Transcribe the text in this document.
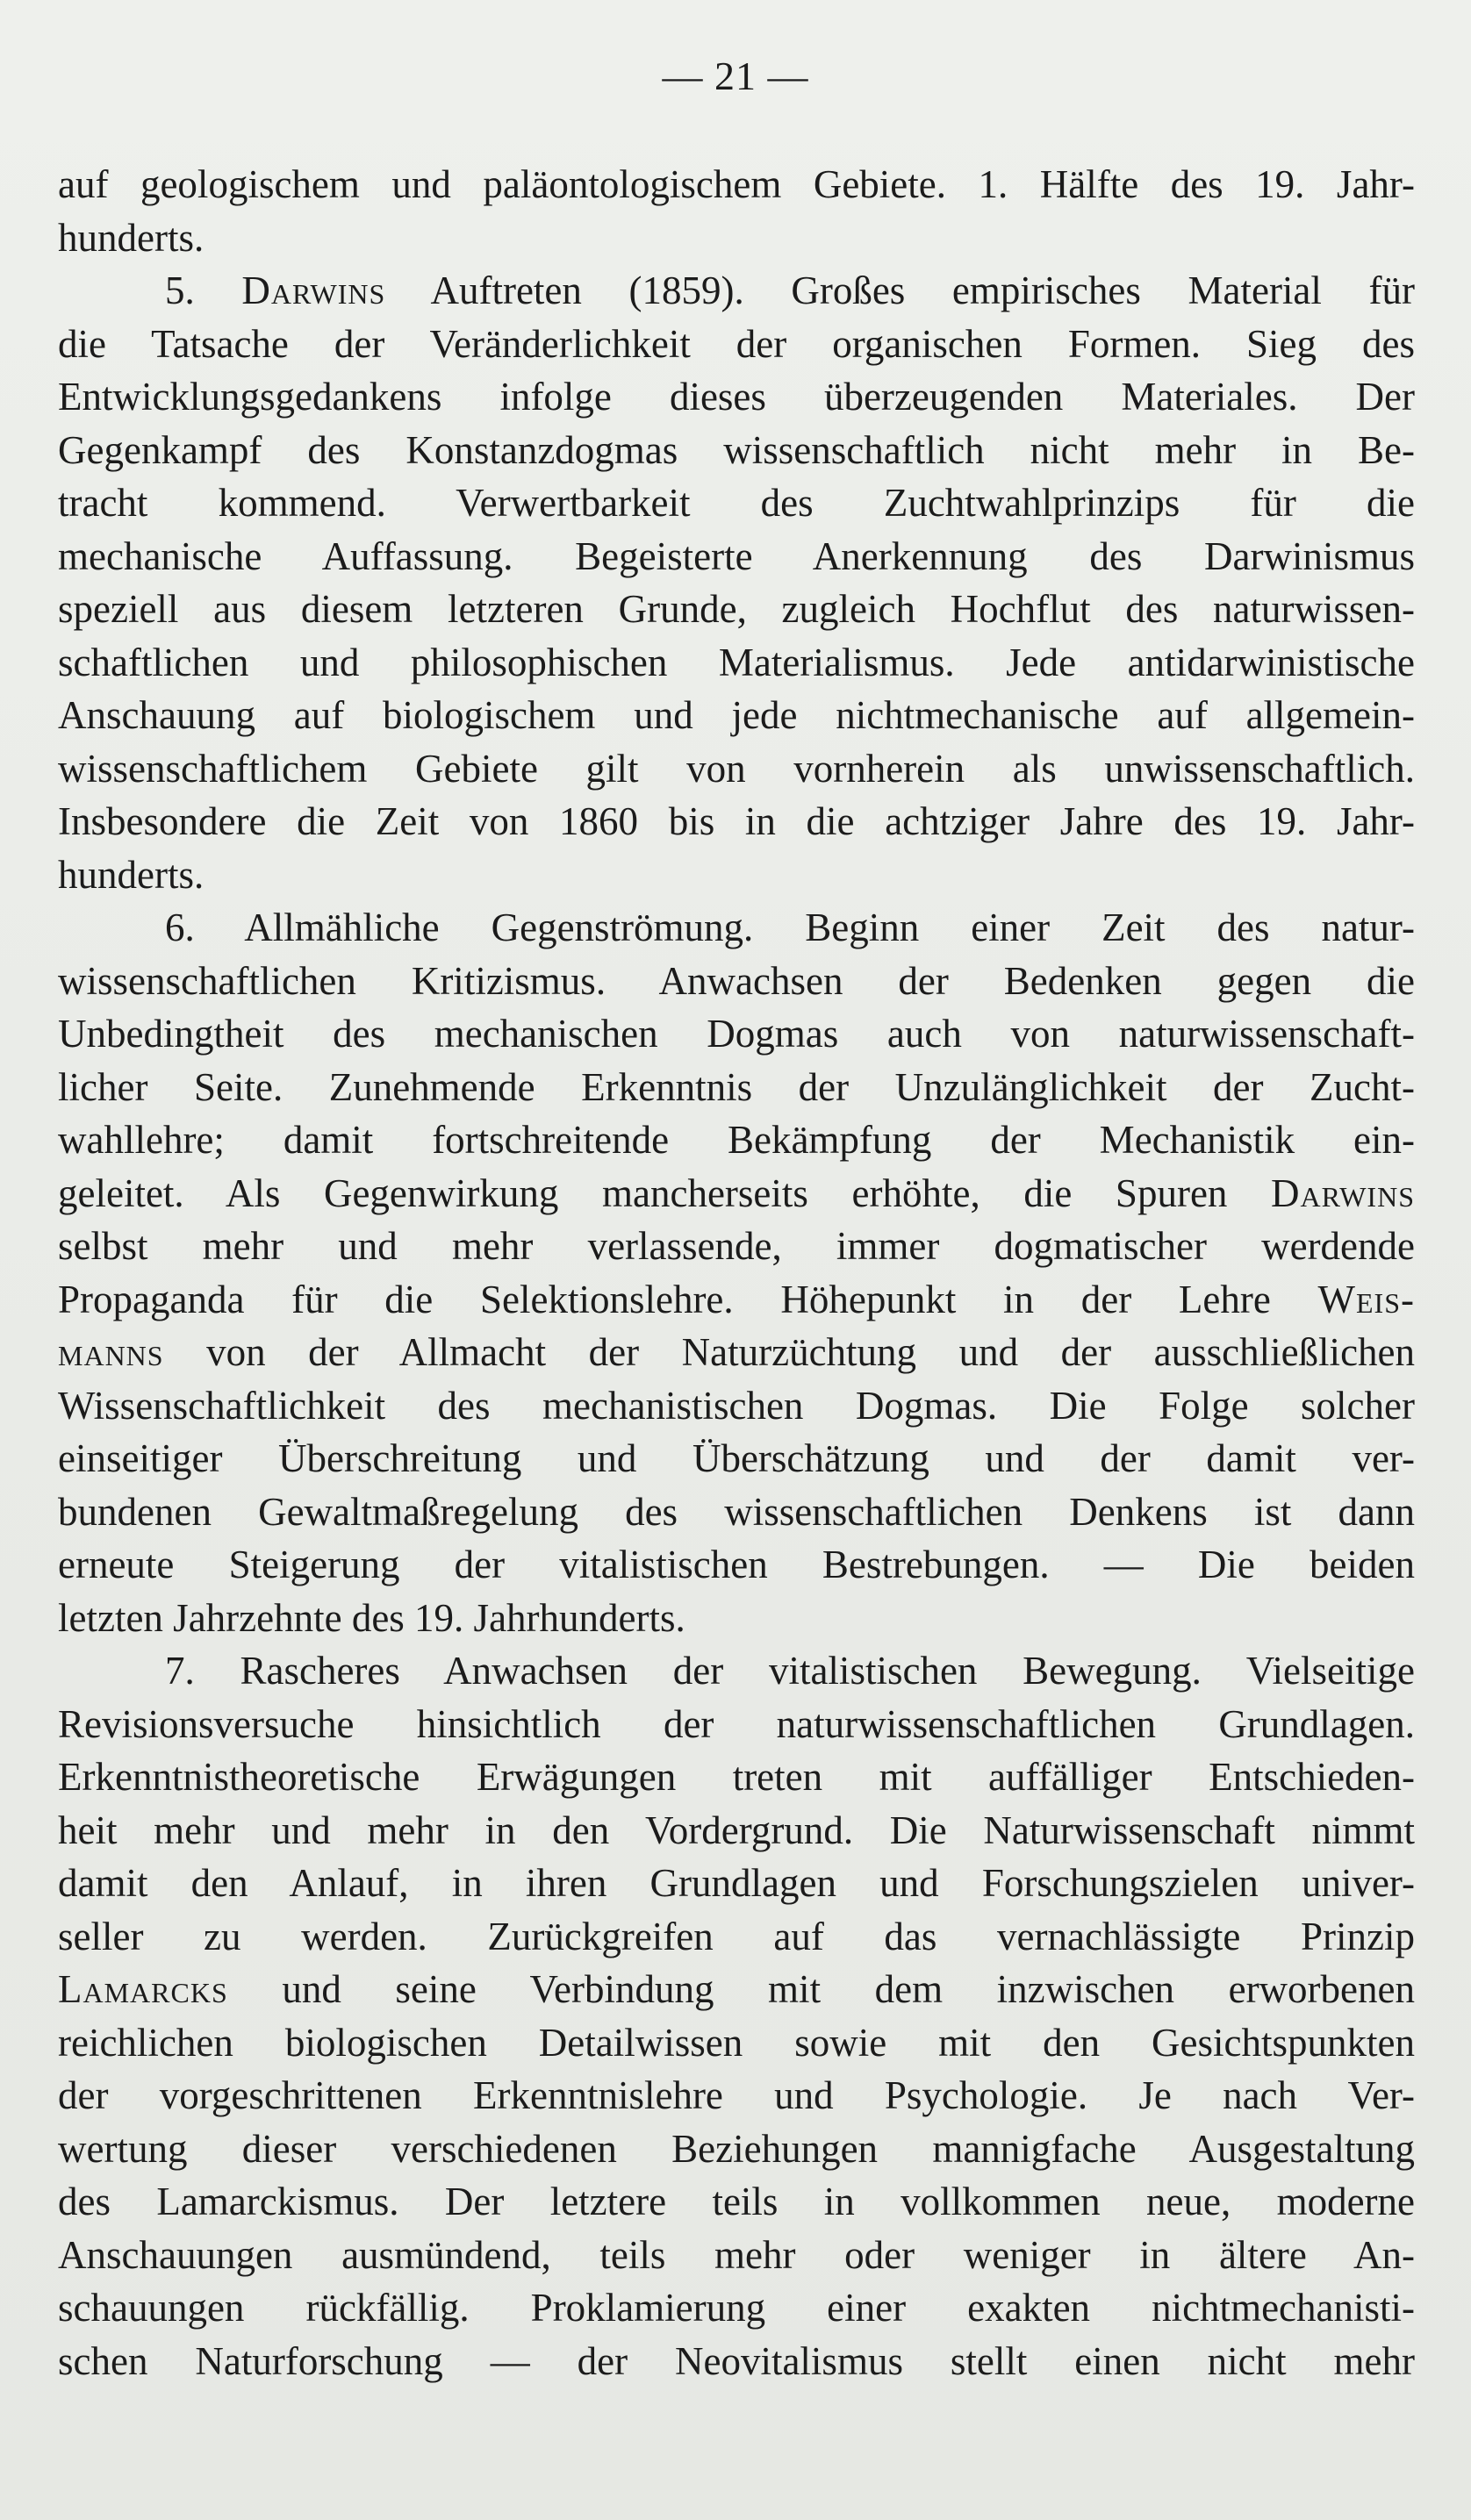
— 21 —
auf geologischem und paläontologischem Gebiete. 1. Hälfte des 19. Jahr-
hunderts.
5. Darwins Auftreten (1859). Großes empirisches Material für
die Tatsache der Veränderlichkeit der organischen Formen. Sieg des
Entwicklungsgedankens infolge dieses überzeugenden Materiales. Der
Gegenkampf des Konstanzdogmas wissenschaftlich nicht mehr in Be-
tracht kommend. Verwertbarkeit des Zuchtwahlprinzips für die
mechanische Auffassung. Begeisterte Anerkennung des Darwinismus
speziell aus diesem letzteren Grunde, zugleich Hochflut des naturwissen-
schaftlichen und philosophischen Materialismus. Jede antidarwinistische
Anschauung auf biologischem und jede nichtmechanische auf allgemein-
wissenschaftlichem Gebiete gilt von vornherein als unwissenschaftlich.
Insbesondere die Zeit von 1860 bis in die achtziger Jahre des 19. Jahr-
hunderts.
6. Allmähliche Gegenströmung. Beginn einer Zeit des natur-
wissenschaftlichen Kritizismus. Anwachsen der Bedenken gegen die
Unbedingtheit des mechanischen Dogmas auch von naturwissenschaft-
licher Seite. Zunehmende Erkenntnis der Unzulänglichkeit der Zucht-
wahllehre; damit fortschreitende Bekämpfung der Mechanistik ein-
geleitet. Als Gegenwirkung mancherseits erhöhte, die Spuren Darwins
selbst mehr und mehr verlassende, immer dogmatischer werdende
Propaganda für die Selektionslehre. Höhepunkt in der Lehre Weis-
manns von der Allmacht der Naturzüchtung und der ausschließlichen
Wissenschaftlichkeit des mechanistischen Dogmas. Die Folge solcher
einseitiger Überschreitung und Überschätzung und der damit ver-
bundenen Gewaltmaßregelung des wissenschaftlichen Denkens ist dann
erneute Steigerung der vitalistischen Bestrebungen. — Die beiden
letzten Jahrzehnte des 19. Jahrhunderts.
7. Rascheres Anwachsen der vitalistischen Bewegung. Vielseitige
Revisionsversuche hinsichtlich der naturwissenschaftlichen Grundlagen.
Erkenntnistheoretische Erwägungen treten mit auffälliger Entschieden-
heit mehr und mehr in den Vordergrund. Die Naturwissenschaft nimmt
damit den Anlauf, in ihren Grundlagen und Forschungszielen univer-
seller zu werden. Zurückgreifen auf das vernachlässigte Prinzip
Lamarcks und seine Verbindung mit dem inzwischen erworbenen
reichlichen biologischen Detailwissen sowie mit den Gesichtspunkten
der vorgeschrittenen Erkenntnislehre und Psychologie. Je nach Ver-
wertung dieser verschiedenen Beziehungen mannigfache Ausgestaltung
des Lamarckismus. Der letztere teils in vollkommen neue, moderne
Anschauungen ausmündend, teils mehr oder weniger in ältere An-
schauungen rückfällig. Proklamierung einer exakten nichtmechanisti-
schen Naturforschung — der Neovitalismus stellt einen nicht mehr
